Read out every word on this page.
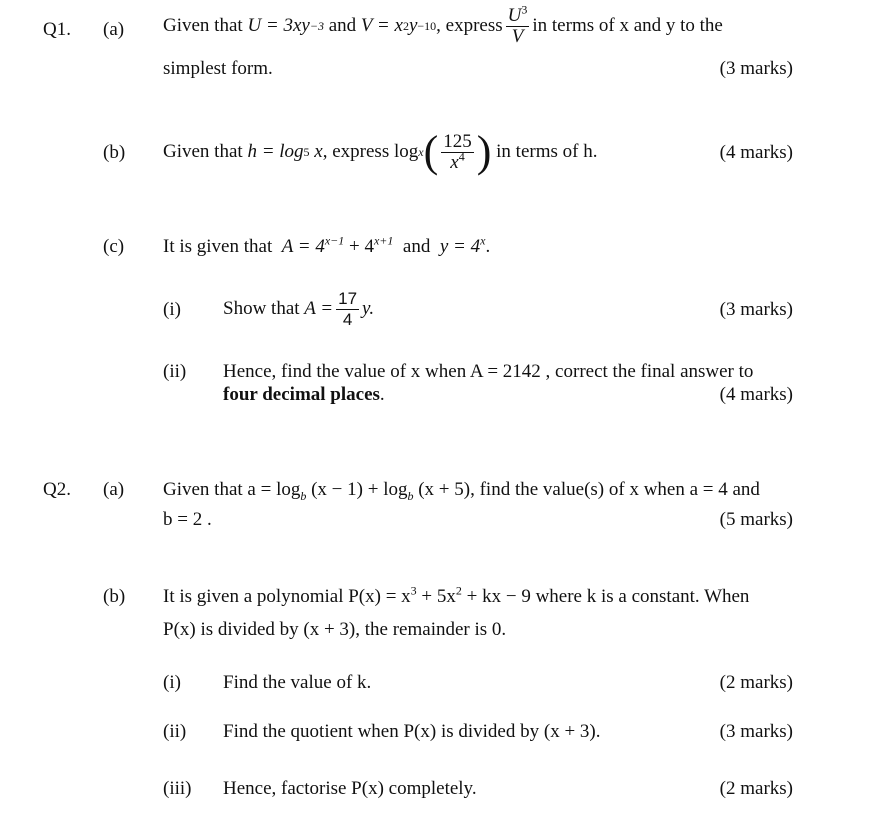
Q1. (a) Given that
U = 3xy −3
and
V = x 2 y −10 , express $\frac{U^3}{V}$ in terms of x and y to the
simplest form.	(3 marks)
(b) Given that
h = log 5
x , express
log x ( $\frac{125}{x^4}$ )
in terms of h.	(4 marks)
(c) It is given that $A = 4^{x-1} + 4^{x+1}$ and $y = 4^x$.
(i) Show that
$A = \frac{17}{4} y$.	(3 marks)
(ii) Hence, find the value of x when A = 2142 , correct the final answer to
four decimal places.	(4 marks)
Q2. (a) Given that $a = \log_b (x - 1) + \log_b (x + 5)$, find the value(s) of x when a = 4 and
b = 2 .	(5 marks)
(b) It is given a polynomial $P(x) = x^3 + 5x^2$ + kx − 9 where k is a constant. When
P(x) is divided by (x + 3), the remainder is 0.
(i) Find the value of k.	(2 marks)
(ii) Find the quotient when P(x) is divided by (x + 3).	(3 marks)
(iii) Hence, factorise P(x) completely.	(2 marks)
